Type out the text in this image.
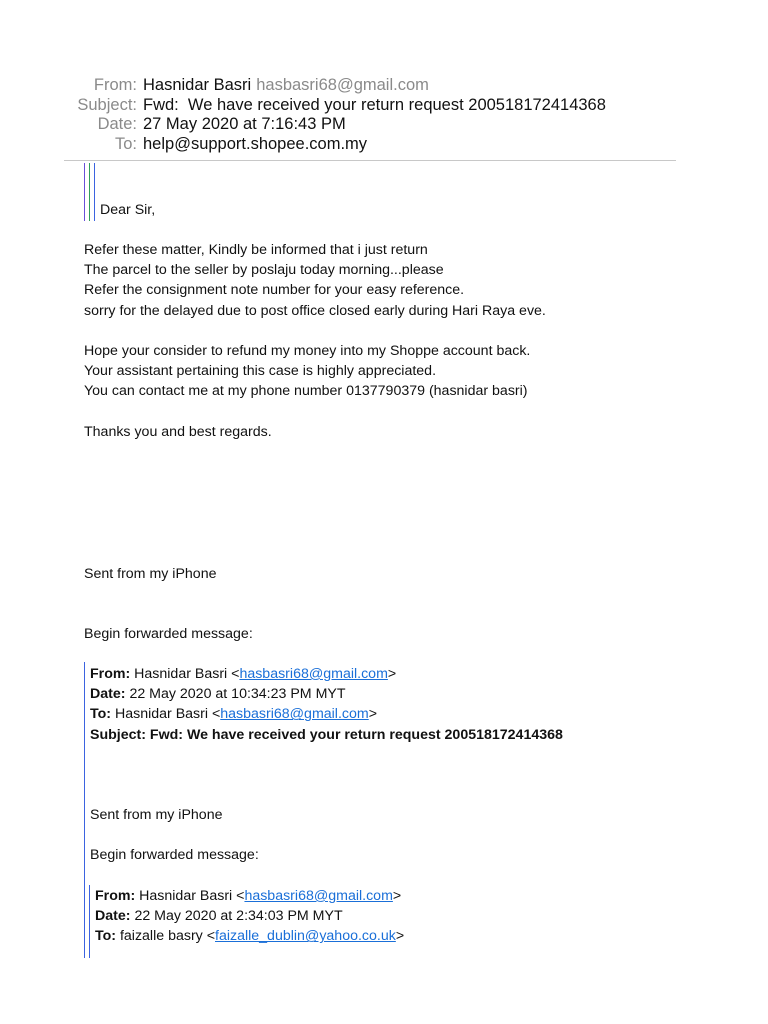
From: Hasnidar Basri hasbasri68@gmail.com
Subject: Fwd:  We have received your return request 200518172414368
Date: 27 May 2020 at 7:16:43 PM
To: help@support.shopee.com.my
Dear Sir,
Refer these matter, Kindly be informed that i just return
The parcel to the seller by poslaju today morning...please
Refer the consignment note number for your easy reference.
sorry for the delayed due to post office closed early during Hari Raya eve.
Hope your consider to refund my money into my Shoppe account back.
Your assistant pertaining this case is highly appreciated.
You can contact me at my phone number 0137790379 (hasnidar basri)
Thanks you and best regards.
Sent from my iPhone
Begin forwarded message:
From: Hasnidar Basri <hasbasri68@gmail.com>
Date: 22 May 2020 at 10:34:23 PM MYT
To: Hasnidar Basri <hasbasri68@gmail.com>
Subject: Fwd: We have received your return request 200518172414368
Sent from my iPhone
Begin forwarded message:
From: Hasnidar Basri <hasbasri68@gmail.com>
Date: 22 May 2020 at 2:34:03 PM MYT
To: faizalle basry <faizalle_dublin@yahoo.co.uk>
